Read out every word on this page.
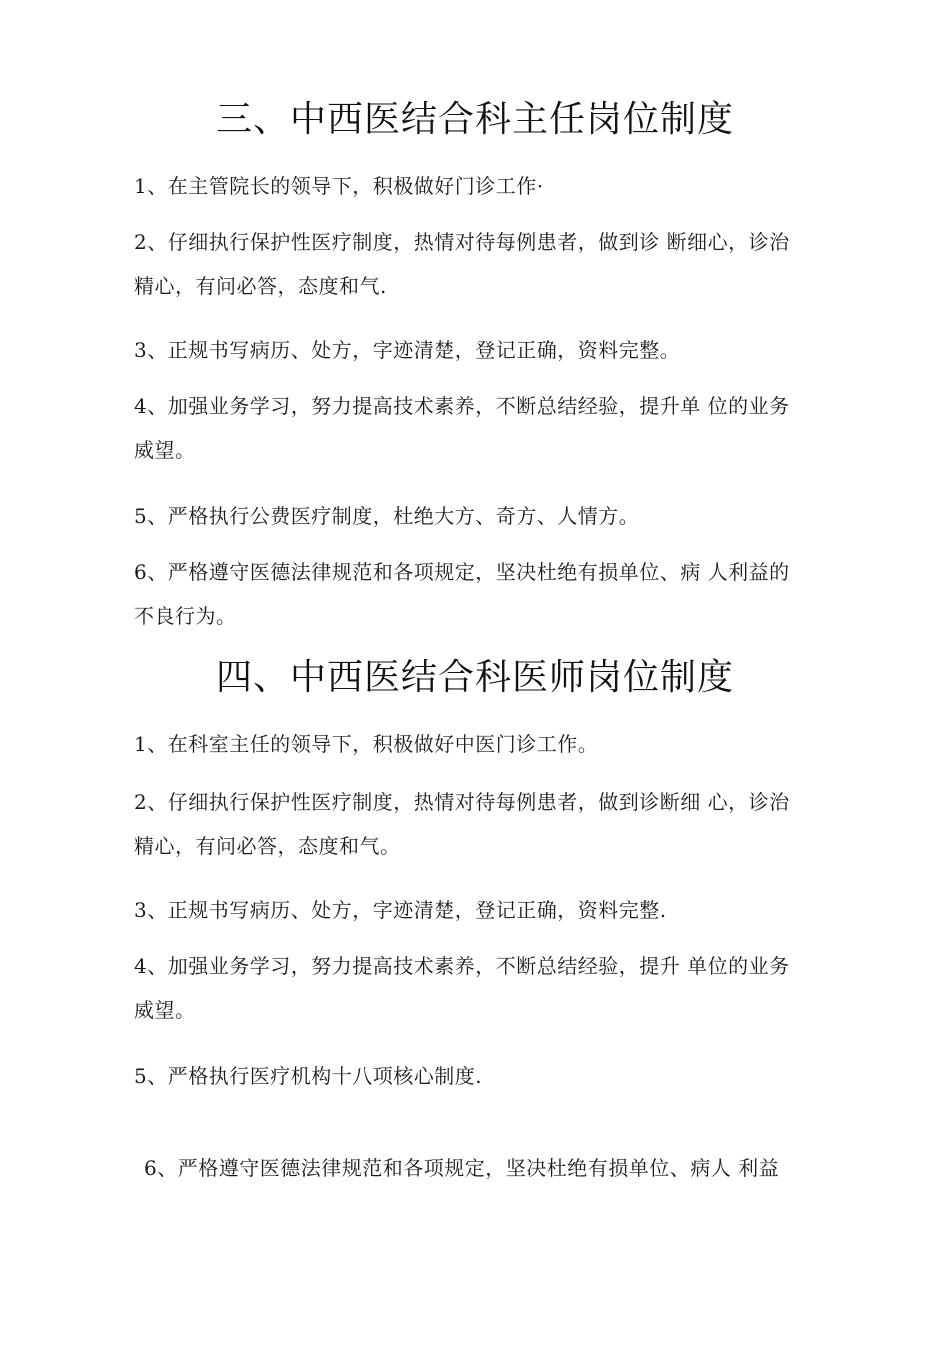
三、中西医结合科主任岗位制度
1、在主管院长的领导下，积极做好门诊工作·
2、仔细执行保护性医疗制度，热情对待每例患者，做到诊 断细心，诊治
精心，有问必答，态度和气.
3、正规书写病历、处方，字迹清楚，登记正确，资料完整。
4、加强业务学习，努力提高技术素养，不断总结经验，提升单 位的业务
威望。
5、严格执行公费医疗制度，杜绝大方、奇方、人情方。
6、严格遵守医德法律规范和各项规定，坚决杜绝有损单位、病 人利益的
不良行为。
四、中西医结合科医师岗位制度
1、在科室主任的领导下，积极做好中医门诊工作。
2、仔细执行保护性医疗制度，热情对待每例患者，做到诊断细 心，诊治
精心，有问必答，态度和气。
3、正规书写病历、处方，字迹清楚，登记正确，资料完整.
4、加强业务学习，努力提高技术素养，不断总结经验，提升 单位的业务
威望。
5、严格执行医疗机构十八项核心制度.
6、严格遵守医德法律规范和各项规定，坚决杜绝有损单位、病人 利益
